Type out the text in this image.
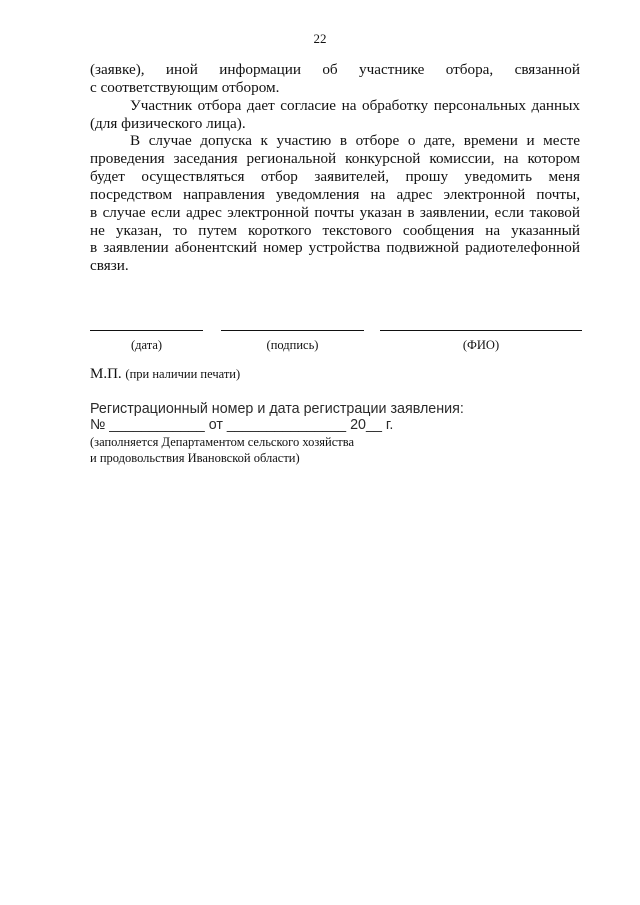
22
(заявке), иной информации об участнике отбора, связанной
с соответствующим отбором.
Участник отбора дает согласие на обработку персональных данных
(для физического лица).
В случае допуска к участию в отборе о дате, времени и месте
проведения заседания региональной конкурсной комиссии, на котором
будет осуществляться отбор заявителей, прошу уведомить меня
посредством направления уведомления на адрес электронной почты,
в случае если адрес электронной почты указан в заявлении, если таковой
не указан, то путем короткого текстового сообщения на указанный
в заявлении абонентский номер устройства подвижной радиотелефонной
связи.
(дата)	(подпись)	(ФИО)
М.П. (при наличии печати)
Регистрационный номер и дата регистрации заявления:
№ ____________ от _______________ 20__ г.
(заполняется Департаментом сельского хозяйства
и продовольствия Ивановской области)
